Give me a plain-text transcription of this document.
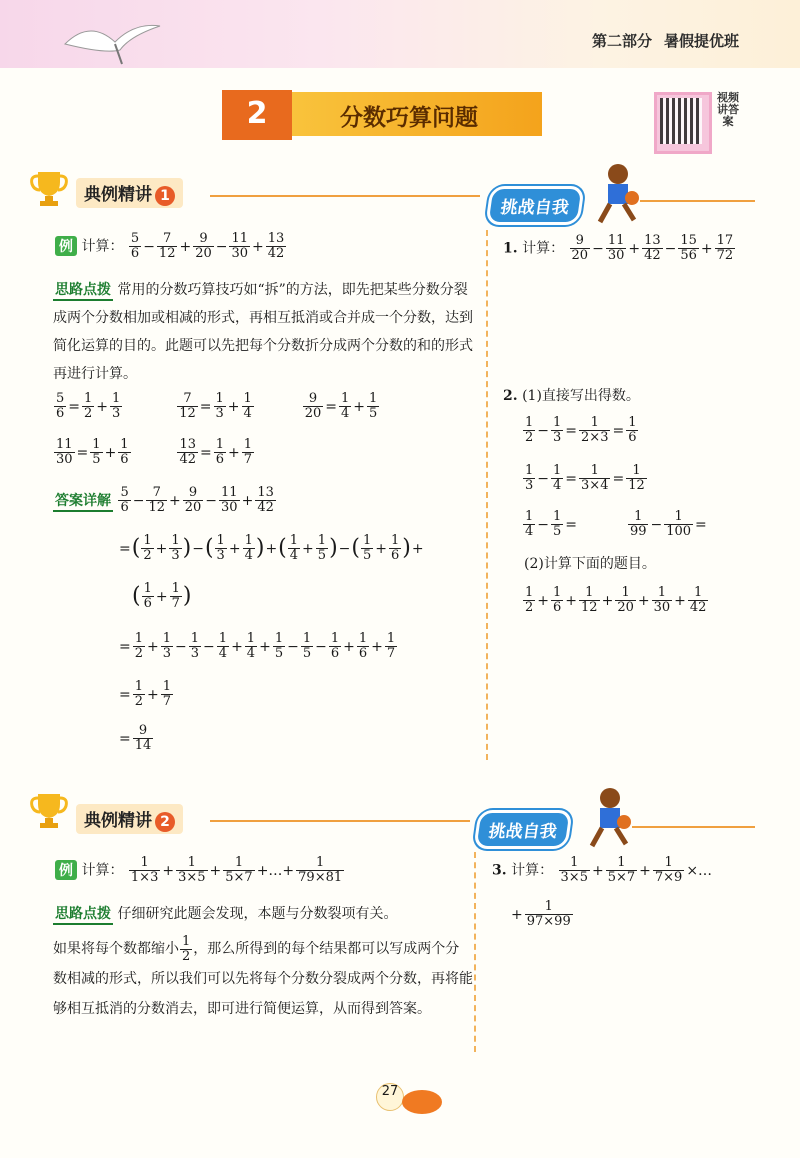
第二部分 暑假提优班
2	分数巧算问题
视频讲答案
典例精讲 1
挑战自我
例 计算： $\frac{5}{6} - \frac{7}{12} + \frac{9}{20} - \frac{11}{30} + \frac{13}{42}$
思路点拨 常用的分数巧算技巧如“拆”的方法，即先把某些分数分裂成两个分数相加或相减的形式，再相互抵消或合并成一个分数，达到简化运算的目的。此题可以先把每个分数折分成两个分数的和的形式再进行计算。
$\frac{5}{6} = \frac{1}{2} + \frac{1}{3}$
	$\frac{7}{12} = \frac{1}{3} + \frac{1}{4}$
	$\frac{9}{20} = \frac{1}{4} + \frac{1}{5}$
$\frac{11}{30} = \frac{1}{5} + \frac{1}{6}$
	$\frac{13}{42} = \frac{1}{6} + \frac{1}{7}$
答案详解 $\frac{5}{6} - \frac{7}{12} + \frac{9}{20} - \frac{11}{30} + \frac{13}{42}$
=( $\frac{1}{2} + \frac{1}{3}$ )−( $\frac{1}{3} + \frac{1}{4}$ )+( $\frac{1}{4} + \frac{1}{5}$ )−( $\frac{1}{5} + \frac{1}{6}$ )+
( $\frac{1}{6} + \frac{1}{7}$ )
= $\frac{1}{2} + \frac{1}{3} - \frac{1}{3} - \frac{1}{4} + \frac{1}{4} + \frac{1}{5} - \frac{1}{5} - \frac{1}{6} + \frac{1}{6} + \frac{1}{7}$
= $\frac{1}{2} + \frac{1}{7}$
= $\frac{9}{14}$
1. 计算： $\frac{9}{20} - \frac{11}{30} + \frac{13}{42} - \frac{15}{56} + \frac{17}{72}$
2. (1)直接写出得数。
$\frac{1}{2} - \frac{1}{3} = \frac{1}{2\times 3} = \frac{1}{6}$
$\frac{1}{3} - \frac{1}{4} = \frac{1}{3\times 4} = \frac{1}{12}$
$\frac{1}{4} - \frac{1}{5}$ =	$\frac{1}{99} - \frac{1}{100}$ =
(2)计算下面的题目。
$\frac{1}{2} + \frac{1}{6} + \frac{1}{12} + \frac{1}{20} + \frac{1}{30} + \frac{1}{42}$
典例精讲 2	挑战自我
例 计算： $\frac{1}{1\times 3} + \frac{1}{3\times 5} + \frac{1}{5\times 7}$ +…+ $\frac{1}{79\times 81}$
思路点拨 仔细研究此题会发现，本题与分数裂项有关。
如果将每个数都缩小 $\frac{1}{2}$ ，那么所得到的每个结果都可以写成两个分数相减的形式，所以我们可以先将每个分数分裂成两个分数，再将能够相互抵消的分数消去，即可进行简便运算，从而得到答案。
3. 计算： $\frac{1}{3\times 5} + \frac{1}{5\times 7} + \frac{1}{7\times 9}$ ×…
+ $\frac{1}{97\times 99}$
27
